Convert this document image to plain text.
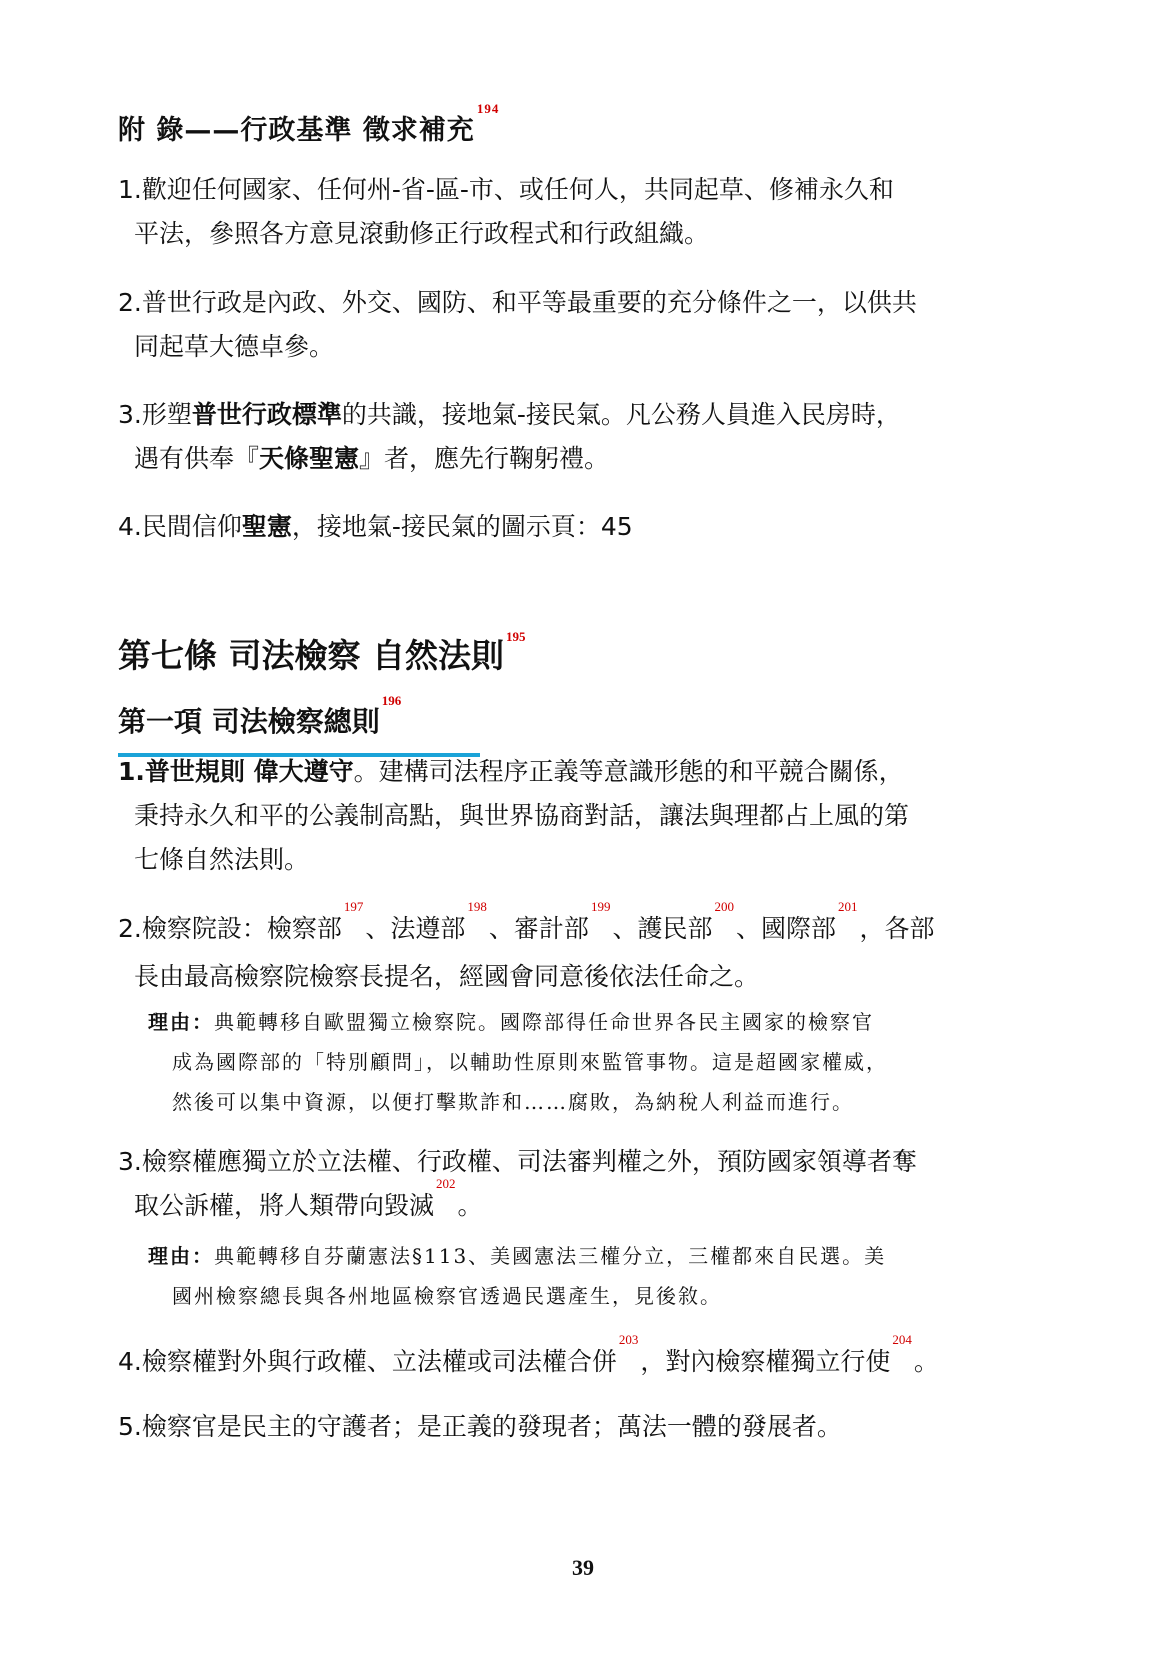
附 錄——行政基準 徵求補充$^{194}$
1.歡迎任何國家、任何州-省-區-市、或任何人，共同起草、修補永久和
平法，參照各方意見滾動修正行政程式和行政組織。
2.普世行政是內政、外交、國防、和平等最重要的充分條件之一，以供共
同起草大德卓參。
3.形塑普世行政標準的共識，接地氣-接民氣。凡公務人員進入民房時，
遇有供奉『天條聖憲』者，應先行鞠躬禮。
4.民間信仰聖憲，接地氣-接民氣的圖示頁：45
第七條 司法檢察 自然法則 $^{195}$
第一項 司法檢察總則$^{196}$
1.普世規則 偉大遵守。建構司法程序正義等意識形態的和平競合關係，
秉持永久和平的公義制高點，與世界協商對話，讓法與理都占上風的第
七條自然法則。
2.檢察院設：檢察部$^{197}$、法遵部$^{198}$、審計部$^{199}$、護民部$^{200}$、國際部$^{201}$，各部
長由最高檢察院檢察長提名，經國會同意後依法任命之。
理由：典範轉移自歐盟獨立檢察院。國際部得任命世界各民主國家的檢察官
成為國際部的「特別顧問」，以輔助性原則來監管事物。這是超國家權威，
然後可以集中資源，以便打擊欺詐和……腐敗，為納稅人利益而進行。
3.檢察權應獨立於立法權、行政權、司法審判權之外，預防國家領導者奪
取公訴權，將人類帶向毀滅$^{202}$。
理由：典範轉移自芬蘭憲法§113、美國憲法三權分立，三權都來自民選。美
國州檢察總長與各州地區檢察官透過民選產生，見後敘。
4.檢察權對外與行政權、立法權或司法權合併$^{203}$，對內檢察權獨立行使$^{204}$。
5.檢察官是民主的守護者；是正義的發現者；萬法一體的發展者。
39
